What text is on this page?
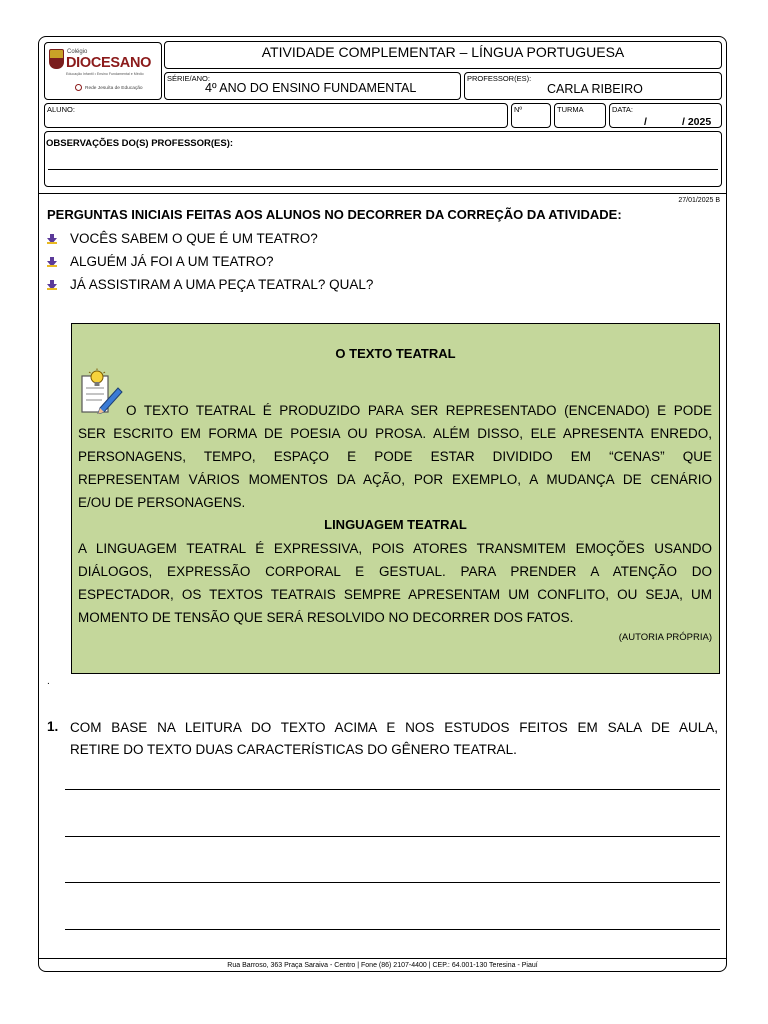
Colégio
DIOCESANO
Educação Infantil • Ensino Fundamental e Médio
Rede Jesuíta de Educação
ATIVIDADE COMPLEMENTAR – LÍNGUA PORTUGUESA
SÉRIE/ANO:
4º ANO DO ENSINO FUNDAMENTAL
PROFESSOR(ES):
CARLA RIBEIRO
ALUNO:	Nº	TURMA	DATA:
/	/ 2025
OBSERVAÇÕES DO(S) PROFESSOR(ES):
27/01/2025 B
PERGUNTAS INICIAIS FEITAS AOS ALUNOS NO DECORRER DA CORREÇÃO DA ATIVIDADE:
VOCÊS SABEM O QUE É UM TEATRO?
ALGUÉM JÁ FOI A UM TEATRO?
JÁ ASSISTIRAM A UMA PEÇA TEATRAL? QUAL?
O TEXTO TEATRAL
O TEXTO TEATRAL É PRODUZIDO PARA SER REPRESENTADO (ENCENADO) E PODE
SER ESCRITO EM FORMA DE POESIA OU PROSA. ALÉM DISSO, ELE APRESENTA ENREDO,
PERSONAGENS, TEMPO, ESPAÇO E PODE ESTAR DIVIDIDO EM “CENAS” QUE
REPRESENTAM VÁRIOS MOMENTOS DA AÇÃO, POR EXEMPLO, A MUDANÇA DE CENÁRIO
E/OU DE PERSONAGENS.
LINGUAGEM TEATRAL
A LINGUAGEM TEATRAL É EXPRESSIVA, POIS ATORES TRANSMITEM EMOÇÕES USANDO
DIÁLOGOS, EXPRESSÃO CORPORAL E GESTUAL. PARA PRENDER A ATENÇÃO DO
ESPECTADOR, OS TEXTOS TEATRAIS SEMPRE APRESENTAM UM CONFLITO, OU SEJA, UM
MOMENTO DE TENSÃO QUE SERÁ RESOLVIDO NO DECORRER DOS FATOS.
(AUTORIA PRÓPRIA)
.
1. COM BASE NA LEITURA DO TEXTO ACIMA E NOS ESTUDOS FEITOS EM SALA DE AULA,
RETIRE DO TEXTO DUAS CARACTERÍSTICAS DO GÊNERO TEATRAL.
Rua Barroso, 363 Praça Saraiva - Centro | Fone (86) 2107-4400 | CEP.: 64.001-130 Teresina - Piauí
